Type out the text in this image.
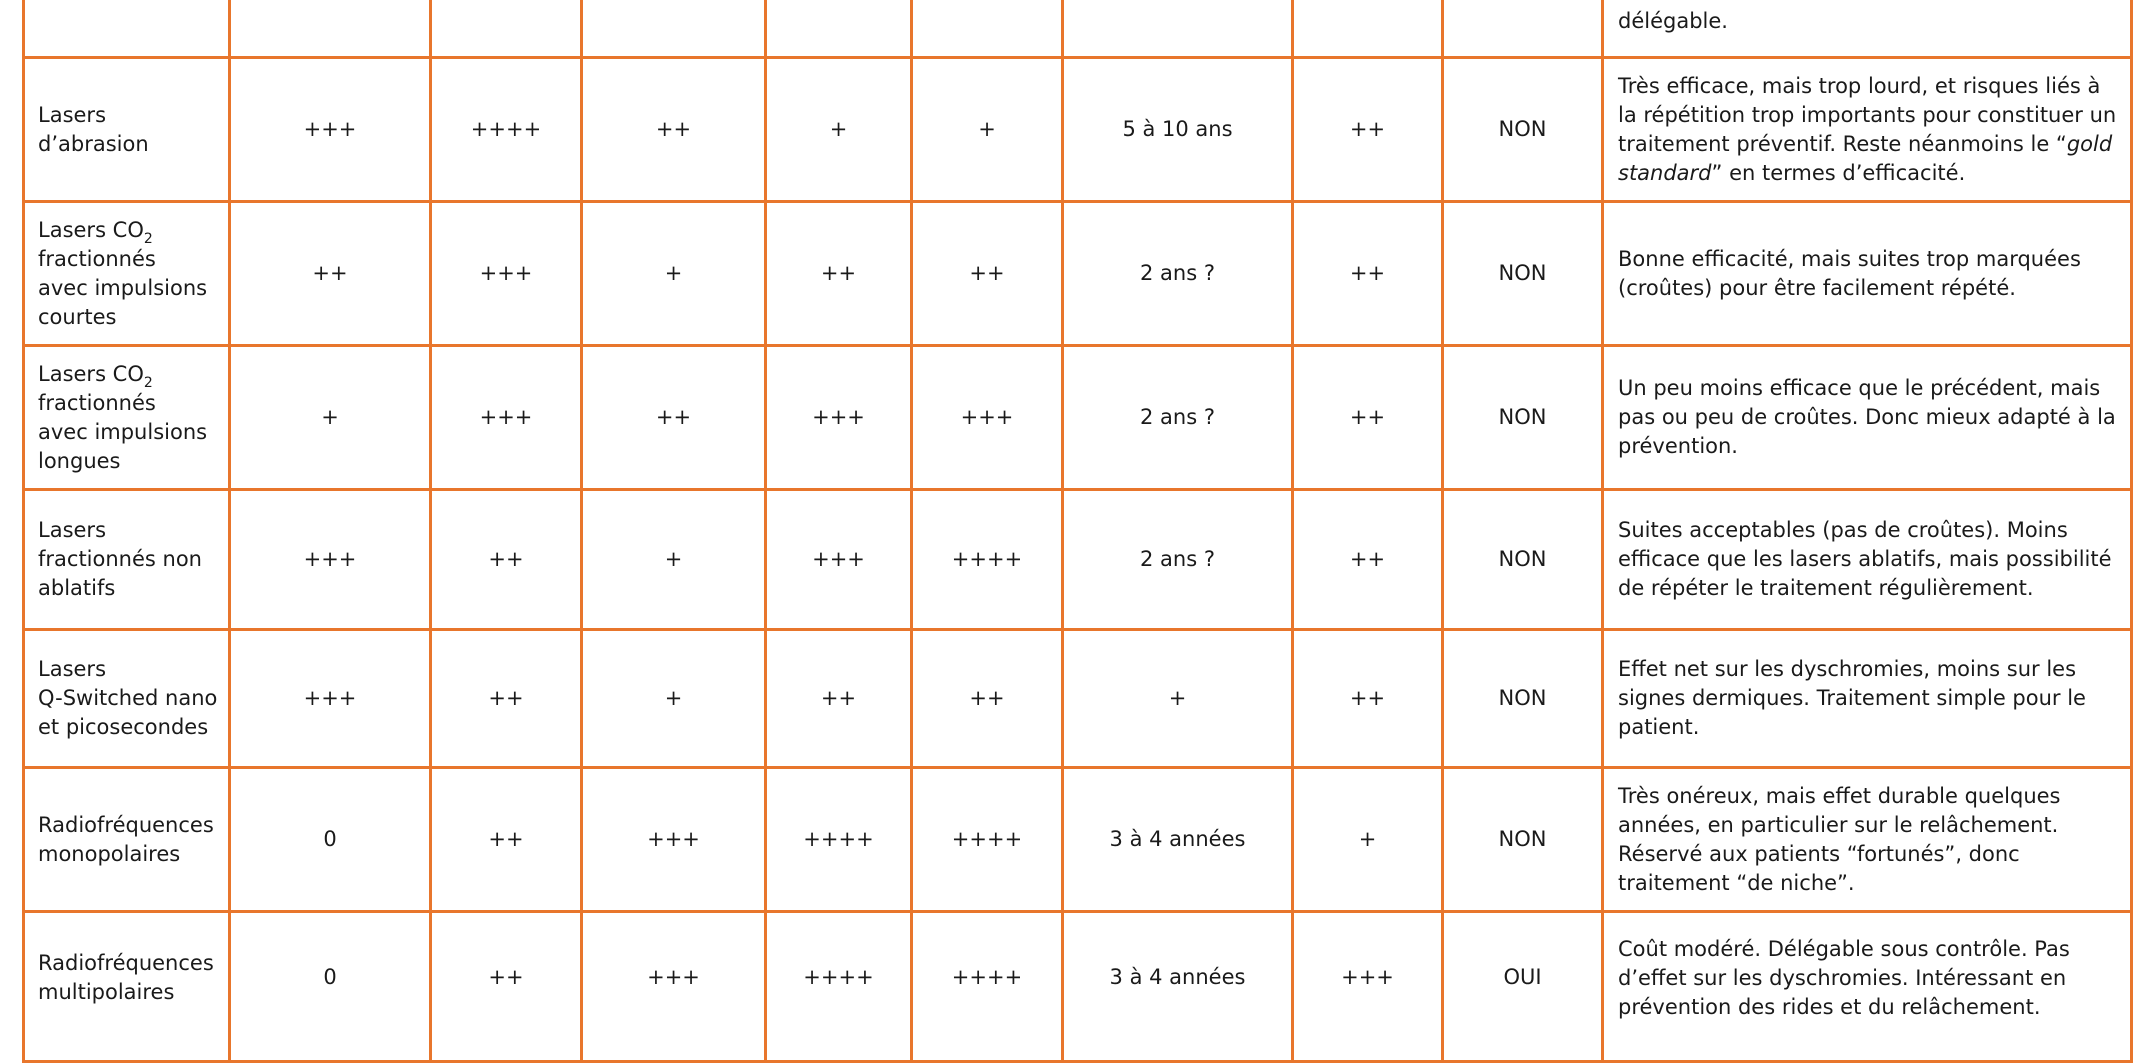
									délégable.

Lasers
d’abrasion	+++	++++	++	+	+	5 à 10 ans	++	NON	Très efficace, mais trop lourd, et risques liés à
la répétition trop importants pour constituer un
traitement préventif. Reste néanmoins le “gold
standard” en termes d’efficacité.

Lasers $CO_2$
fractionnés
avec impulsions
courtes	++	+++	+	++	++	2 ans ?	++	NON	Bonne efficacité, mais suites trop marquées
(croûtes) pour être facilement répété.

Lasers $CO_2$
fractionnés
avec impulsions
longues	+	+++	++	+++	+++	2 ans ?	++	NON	Un peu moins efficace que le précédent, mais
pas ou peu de croûtes. Donc mieux adapté à la
prévention.

Lasers
fractionnés non
ablatifs	+++	++	+	+++	++++	2 ans ?	++	NON	Suites acceptables (pas de croûtes). Moins
efficace que les lasers ablatifs, mais possibilité
de répéter le traitement régulièrement.

Lasers
Q-Switched nano
et picosecondes	+++	++	+	++	++	+	++	NON	Effet net sur les dyschromies, moins sur les
signes dermiques. Traitement simple pour le
patient.

Radiofréquences
monopolaires	0	++	+++	++++	++++	3 à 4 années	+	NON	Très onéreux, mais effet durable quelques
années, en particulier sur le relâchement.
Réservé aux patients “fortunés”, donc
traitement “de niche”.

Radiofréquences
multipolaires	0	++	+++	++++	++++	3 à 4 années	+++	OUI	Coût modéré. Délégable sous contrôle. Pas
d’effet sur les dyschromies. Intéressant en
prévention des rides et du relâchement.
